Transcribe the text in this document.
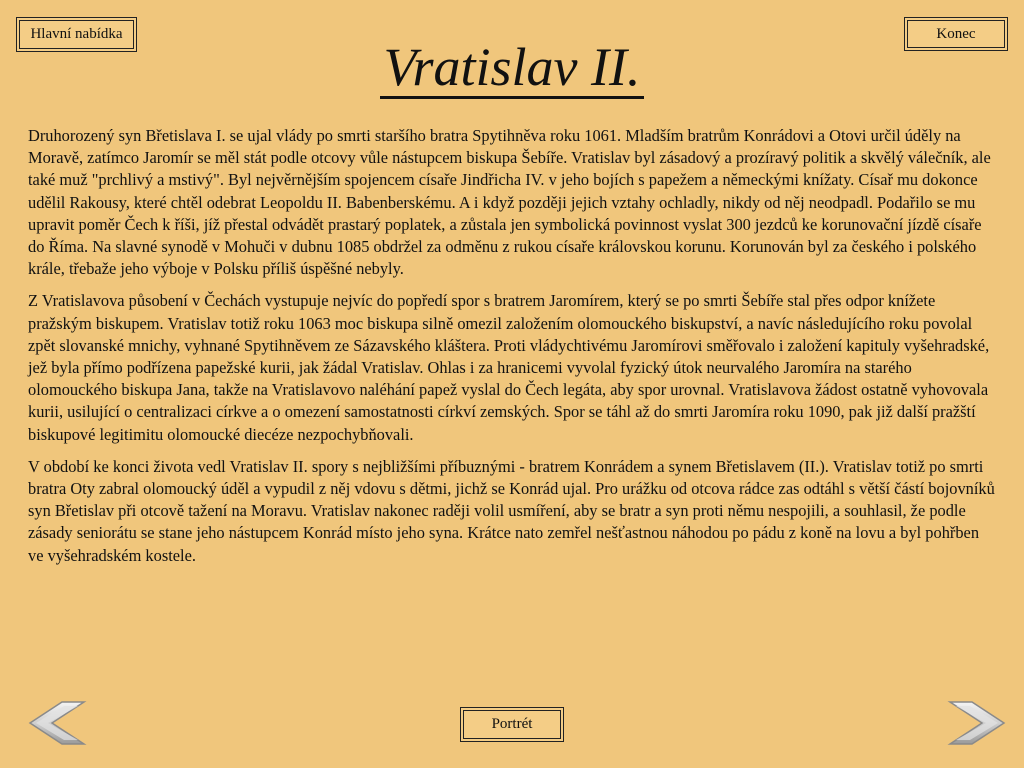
Hlavní nabídka	Konec
Vratislav II.

Druhorozený syn Břetislava I. se ujal vlády po smrti staršího bratra Spytihněva roku 1061. Mladším bratrům Konrádovi a Otovi určil úděly na Moravě, zatímco Jaromír se měl stát podle otcovy vůle nástupcem biskupa Šebíře. Vratislav byl zásadový a prozíravý politik a skvělý válečník, ale také muž "prchlivý a mstivý". Byl nejvěrnějším spojencem císaře Jindřicha IV. v jeho bojích s papežem a německými knížaty. Císař mu dokonce udělil Rakousy, které chtěl odebrat Leopoldu II. Babenberskému. A i když později jejich vztahy ochladly, nikdy od něj neodpadl. Podařilo se mu upravit poměr Čech k říši, jíž přestal odvádět prastarý poplatek, a zůstala jen symbolická povinnost vyslat 300 jezdců ke korunovační jízdě císaře do Říma. Na slavné synodě v Mohuči v dubnu 1085 obdržel za odměnu z rukou císaře královskou korunu. Korunován byl za českého i polského krále, třebaže jeho výboje v Polsku příliš úspěšné nebyly.

Z Vratislavova působení v Čechách vystupuje nejvíc do popředí spor s bratrem Jaromírem, který se po smrti Šebíře stal přes odpor knížete pražským biskupem. Vratislav totiž roku 1063 moc biskupa silně omezil založením olomouckého biskupství, a navíc následujícího roku povolal zpět slovanské mnichy, vyhnané Spytihněvem ze Sázavského kláštera. Proti vládychtivému Jaromírovi směřovalo i založení kapituly vyšehradské, jež byla přímo podřízena papežské kurii, jak žádal Vratislav. Ohlas i za hranicemi vyvolal fyzický útok neurvalého Jaromíra na starého olomouckého biskupa Jana, takže na Vratislavovo naléhání papež vyslal do Čech legáta, aby spor urovnal. Vratislavova žádost ostatně vyhovovala kurii, usilující o centralizaci církve a o omezení samostatnosti církví zemských. Spor se táhl až do smrti Jaromíra roku 1090, pak již další pražští biskupové legitimitu olomoucké diecéze nezpochybňovali.

V období ke konci života vedl Vratislav II. spory s nejbližšími příbuznými - bratrem Konrádem a synem Břetislavem (II.). Vratislav totiž po smrti bratra Oty zabral olomoucký úděl a vypudil z něj vdovu s dětmi, jichž se Konrád ujal. Pro urážku od otcova rádce zas odtáhl s větší částí bojovníků syn Břetislav při otcově tažení na Moravu. Vratislav nakonec raději volil usmíření, aby se bratr a syn proti němu nespojili, a souhlasil, že podle zásady seniorátu se stane jeho nástupcem Konrád místo jeho syna. Krátce nato zemřel nešťastnou náhodou po pádu z koně na lovu a byl pohřben ve vyšehradském kostele.

Portrét
